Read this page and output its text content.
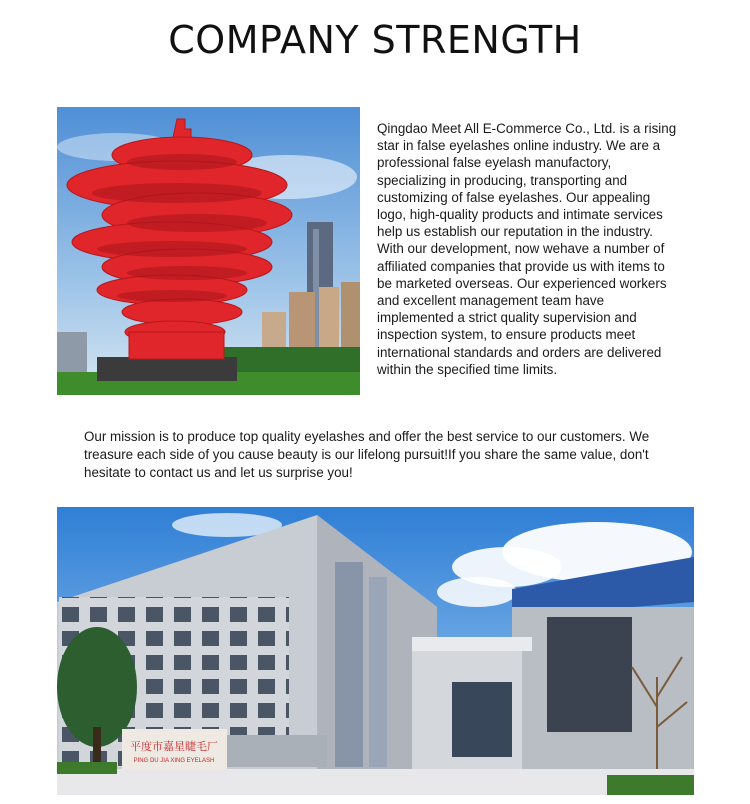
COMPANY STRENGTH

Qingdao Meet All E-Commerce Co., Ltd. is a rising star in false eyelashes online industry. We are a professional false eyelash manufactory, specializing in producing, transporting and customizing of false eyelashes. Our appealing logo, high-quality products and intimate services help us establish our reputation in the industry. With our development, now wehave a number of affiliated companies that provide us with items to be marketed overseas. Our experienced workers and excellent management team have implemented a strict quality supervision and inspection system, to ensure products meet international standards and orders are delivered within the specified time limits.

Our mission is to produce top quality eyelashes and offer the best service to our customers. We treasure each side of you cause beauty is our lifelong pursuit!If you share the same value, don't hesitate to contact us and let us surprise you!

平度市嘉星睫毛厂
PING DU JIA XING EYELASH
